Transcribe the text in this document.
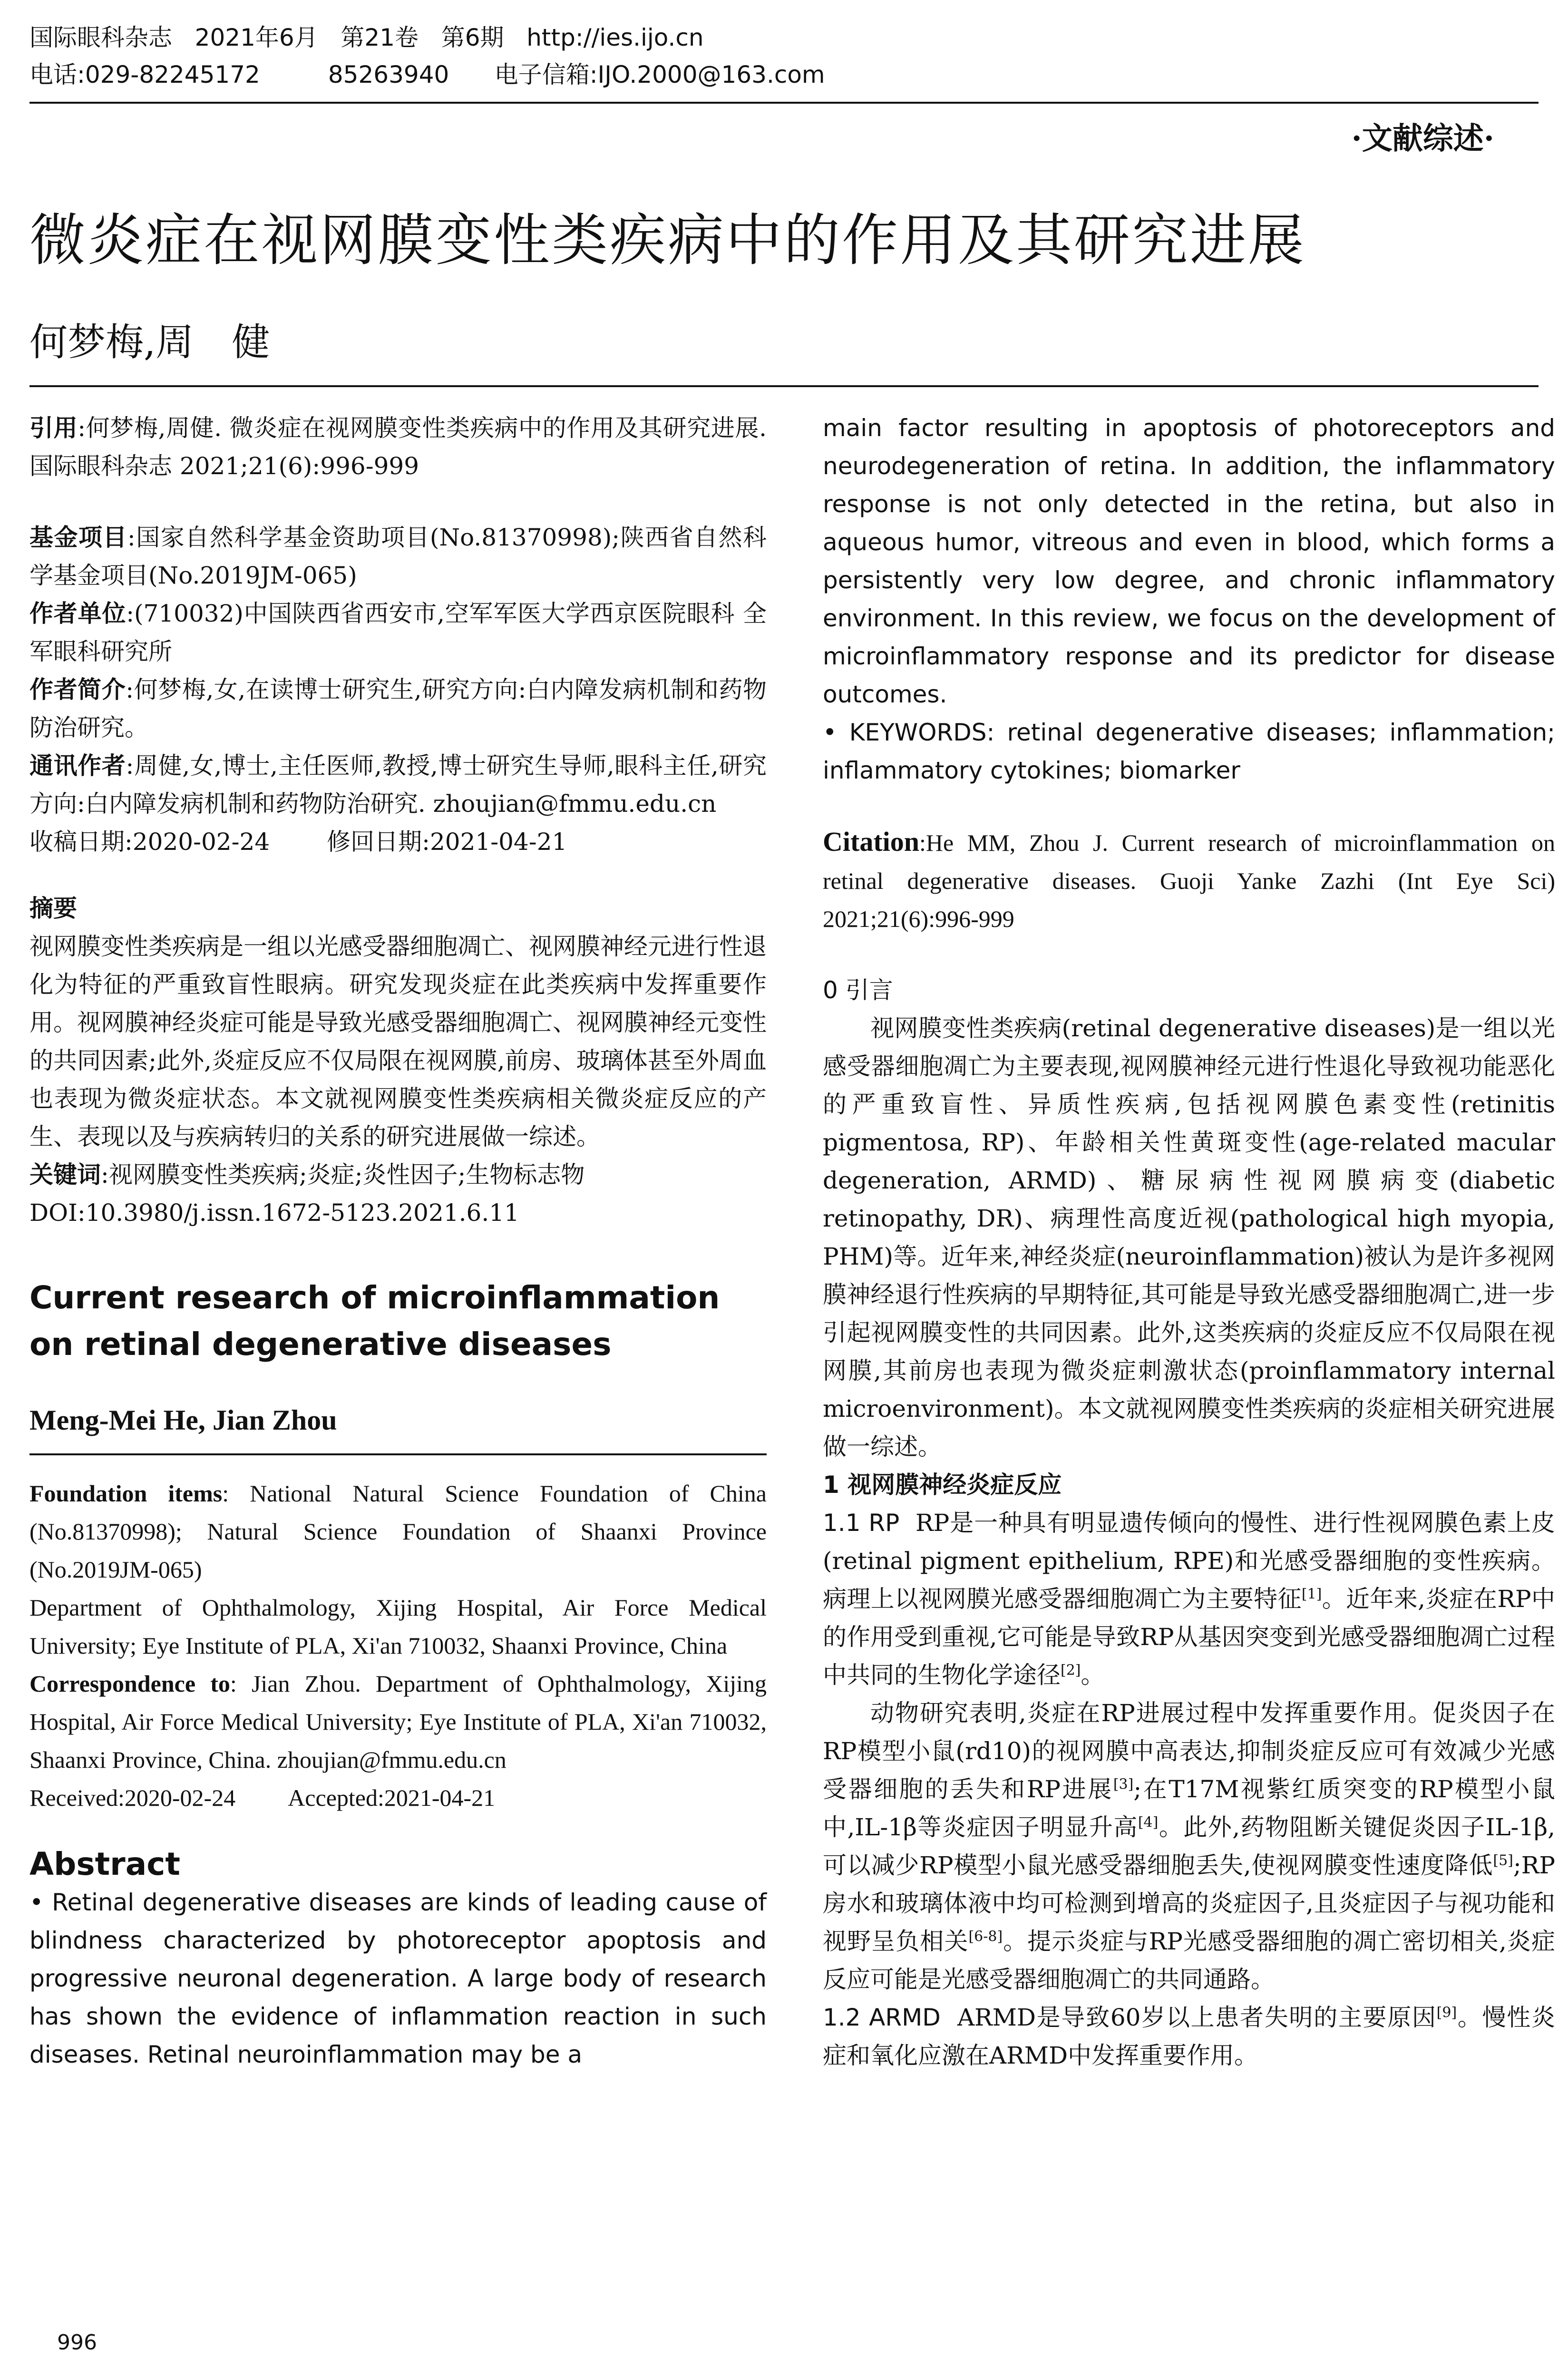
国际眼科杂志   2021年6月   第21卷   第6期   http://ies.ijo.cn
电话:029-82245172         85263940      电子信箱:IJO.2000@163.com
·文献综述·
微炎症在视网膜变性类疾病中的作用及其研究进展
何梦梅,周　健

引用:何梦梅,周健. 微炎症在视网膜变性类疾病中的作用及其研究进展. 国际眼科杂志 2021;21(6):996-999

基金项目:国家自然科学基金资助项目(No.81370998);陕西省自然科学基金项目(No.2019JM-065)

作者单位:(710032)中国陕西省西安市,空军军医大学西京医院眼科 全军眼科研究所

作者简介:何梦梅,女,在读博士研究生,研究方向:白内障发病机制和药物防治研究。

通讯作者:周健,女,博士,主任医师,教授,博士研究生导师,眼科主任,研究方向:白内障发病机制和药物防治研究. zhoujian@fmmu.edu.cn

收稿日期:2020-02-24 修回日期:2021-04-21

摘要

视网膜变性类疾病是一组以光感受器细胞凋亡、视网膜神经元进行性退化为特征的严重致盲性眼病。研究发现炎症在此类疾病中发挥重要作用。视网膜神经炎症可能是导致光感受器细胞凋亡、视网膜神经元变性的共同因素;此外,炎症反应不仅局限在视网膜,前房、玻璃体甚至外周血也表现为微炎症状态。本文就视网膜变性类疾病相关微炎症反应的产生、表现以及与疾病转归的关系的研究进展做一综述。

关键词:视网膜变性类疾病;炎症;炎性因子;生物标志物

DOI:10.3980/j.issn.1672-5123.2021.6.11

Current research of microinflammation on retinal degenerative diseases

Meng-Mei He, Jian Zhou

Foundation items: National Natural Science Foundation of China (No.81370998); Natural Science Foundation of Shaanxi Province (No.2019JM-065)

Department of Ophthalmology, Xijing Hospital, Air Force Medical University; Eye Institute of PLA, Xi'an 710032, Shaanxi Province, China

Correspondence to: Jian Zhou. Department of Ophthalmology, Xijing Hospital, Air Force Medical University; Eye Institute of PLA, Xi'an 710032, Shaanxi Province, China. zhoujian@fmmu.edu.cn

Received:2020-02-24 Accepted:2021-04-21

Abstract

• Retinal degenerative diseases are kinds of leading cause of blindness characterized by photoreceptor apoptosis and progressive neuronal degeneration. A large body of research has shown the evidence of inflammation reaction in such diseases. Retinal neuroinflammation may be a

main factor resulting in apoptosis of photoreceptors and neurodegeneration of retina. In addition, the inflammatory response is not only detected in the retina, but also in aqueous humor, vitreous and even in blood, which forms a persistently very low degree, and chronic inflammatory environment. In this review, we focus on the development of microinflammatory response and its predictor for disease outcomes.

• KEYWORDS: retinal degenerative diseases; inflammation; inflammatory cytokines; biomarker

Citation:He MM, Zhou J. Current research of microinflammation on retinal degenerative diseases. Guoji Yanke Zazhi (Int Eye Sci) 2021;21(6):996-999

0 引言

视网膜变性类疾病(retinal degenerative diseases)是一组以光感受器细胞凋亡为主要表现,视网膜神经元进行性退化导致视功能恶化的严重致盲性、异质性疾病,包括视网膜色素变性(retinitis pigmentosa, RP)、年龄相关性黄斑变性(age-related macular degeneration, ARMD)、糖尿病性视网膜病变(diabetic retinopathy, DR)、病理性高度近视(pathological high myopia, PHM)等。近年来,神经炎症(neuroinflammation)被认为是许多视网膜神经退行性疾病的早期特征,其可能是导致光感受器细胞凋亡,进一步引起视网膜变性的共同因素。此外,这类疾病的炎症反应不仅局限在视网膜,其前房也表现为微炎症刺激状态(proinflammatory internal microenvironment)。本文就视网膜变性类疾病的炎症相关研究进展做一综述。

1 视网膜神经炎症反应

1.1 RP RP是一种具有明显遗传倾向的慢性、进行性视网膜色素上皮(retinal pigment epithelium, RPE)和光感受器细胞的变性疾病。病理上以视网膜光感受器细胞凋亡为主要特征[1]。近年来,炎症在RP中的作用受到重视,它可能是导致RP从基因突变到光感受器细胞凋亡过程中共同的生物化学途径[2]。

动物研究表明,炎症在RP进展过程中发挥重要作用。促炎因子在RP模型小鼠(rd10)的视网膜中高表达,抑制炎症反应可有效减少光感受器细胞的丢失和RP进展[3];在T17M视紫红质突变的RP模型小鼠中,IL-1β等炎症因子明显升高[4]。此外,药物阻断关键促炎因子IL-1β,可以减少RP模型小鼠光感受器细胞丢失,使视网膜变性速度降低[5];RP房水和玻璃体液中均可检测到增高的炎症因子,且炎症因子与视功能和视野呈负相关[6-8]。提示炎症与RP光感受器细胞的凋亡密切相关,炎症反应可能是光感受器细胞凋亡的共同通路。

1.2 ARMD ARMD是导致60岁以上患者失明的主要原因[9]。慢性炎症和氧化应激在ARMD中发挥重要作用。

996
